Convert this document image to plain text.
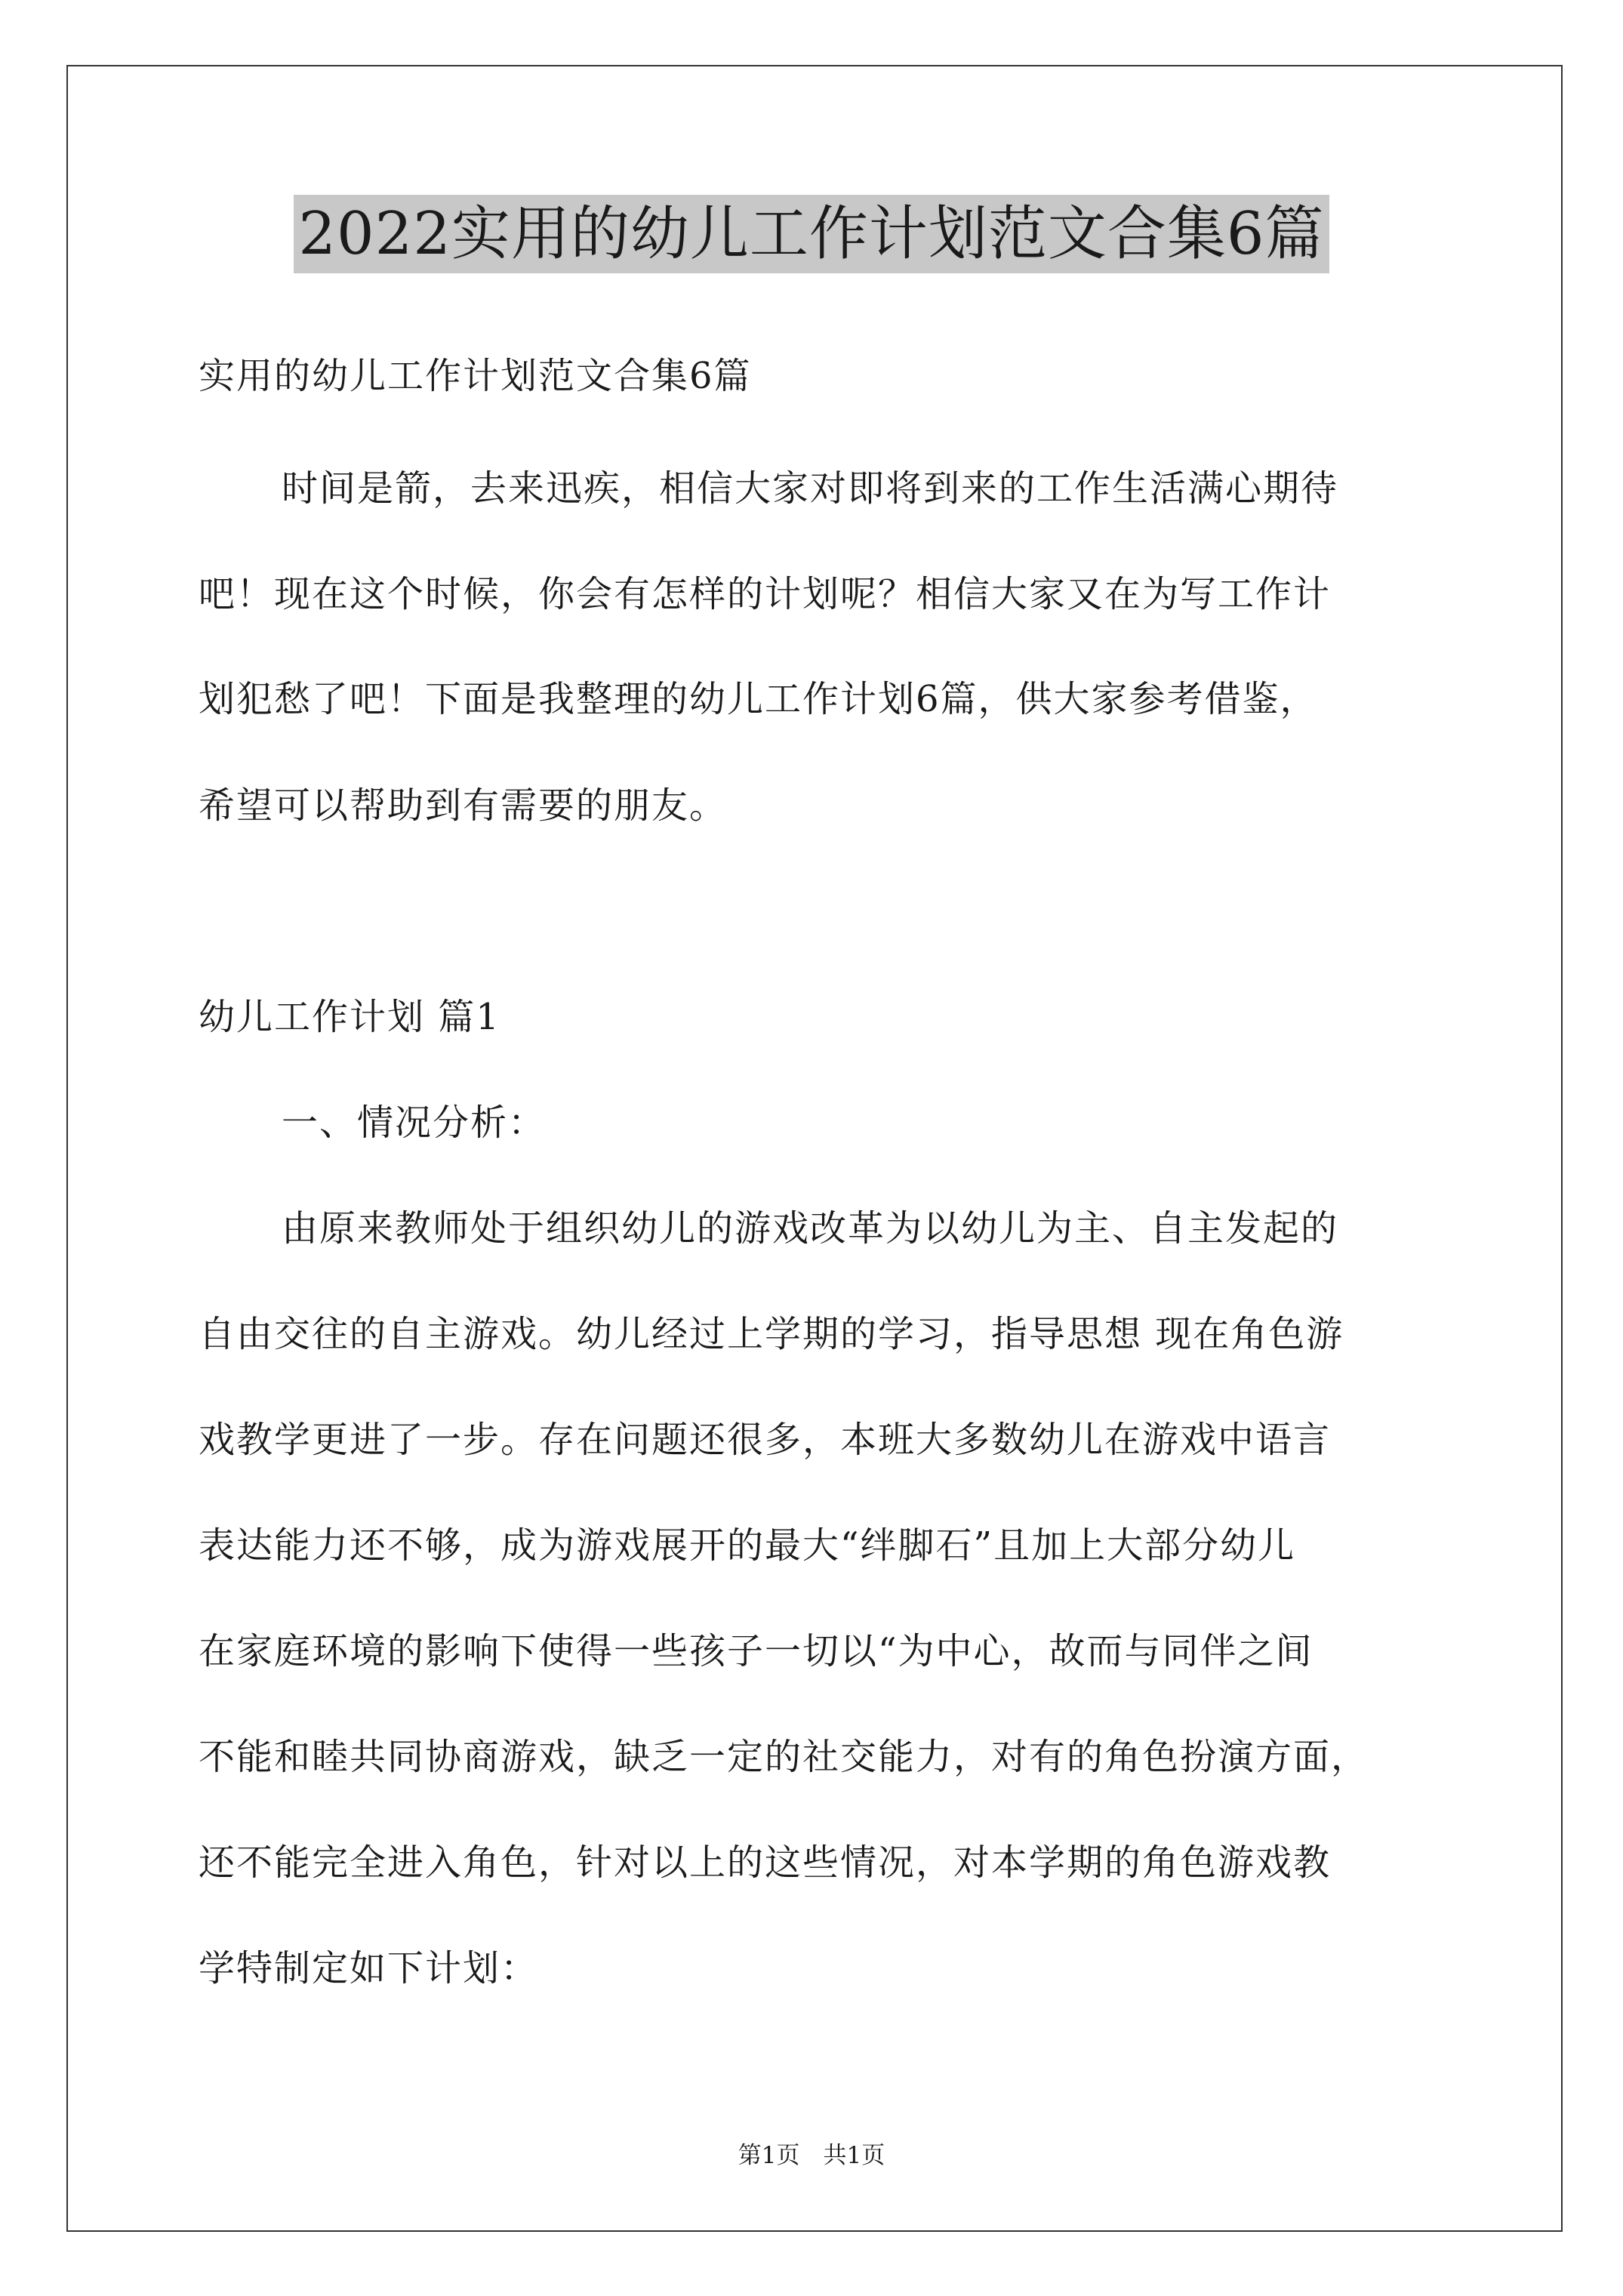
2022实用的幼儿工作计划范文合集6篇
实用的幼儿工作计划范文合集6篇
时间是箭，去来迅疾，相信大家对即将到来的工作生活满心期待
吧！现在这个时候，你会有怎样的计划呢？相信大家又在为写工作计
划犯愁了吧！下面是我整理的幼儿工作计划6篇，供大家参考借鉴，
希望可以帮助到有需要的朋友。
幼儿工作计划 篇1
一、情况分析：
由原来教师处于组织幼儿的游戏改革为以幼儿为主、自主发起的
自由交往的自主游戏。幼儿经过上学期的学习，指导思想 现在角色游
戏教学更进了一步。存在问题还很多，本班大多数幼儿在游戏中语言
表达能力还不够，成为游戏展开的最大“绊脚石”且加上大部分幼儿
在家庭环境的影响下使得一些孩子一切以“为中心，故而与同伴之间
不能和睦共同协商游戏，缺乏一定的社交能力，对有的角色扮演方面，
还不能完全进入角色，针对以上的这些情况，对本学期的角色游戏教
学特制定如下计划：
第1页　共1页
